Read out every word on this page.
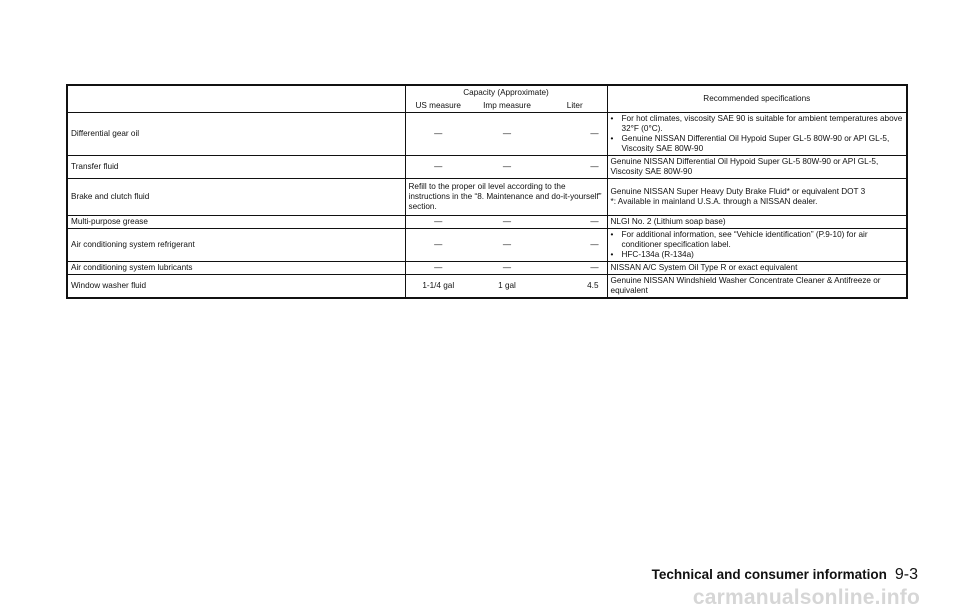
	Capacity (Approximate)			Recommended specifications
	US measure	Imp measure	Liter	
Differential gear oil	—	—	—	• For hot climates, viscosity SAE 90 is suitable for ambient temperatures above 32°F (0°C).
• Genuine NISSAN Differential Oil Hypoid Super GL-5 80W-90 or API GL-5, Viscosity SAE 80W-90

Transfer fluid	—	—	—	Genuine NISSAN Differential Oil Hypoid Super GL-5 80W-90 or API GL-5, Viscosity SAE 80W-90
Brake and clutch fluid	Refill to the proper oil level according to the instructions in the “8. Maintenance and do-it-yourself” section.			Genuine NISSAN Super Heavy Duty Brake Fluid* or equivalent DOT 3
*: Available in mainland U.S.A. through a NISSAN dealer.

Multi-purpose grease	—	—	—	NLGI No. 2 (Lithium soap base)
Air conditioning system refrigerant	—	—	—	• For additional information, see “Vehicle identification” (P.9-10) for air conditioner specification label.
• HFC-134a (R-134a)

Air conditioning system lubricants	—	—	—	NISSAN A/C System Oil Type R or exact equivalent
Window washer fluid	1-1/4 gal	1 gal	4.5	Genuine NISSAN Windshield Washer Concentrate Cleaner & Antifreeze or equivalent
Technical and consumer information 9-3
carmanualsonline.info
